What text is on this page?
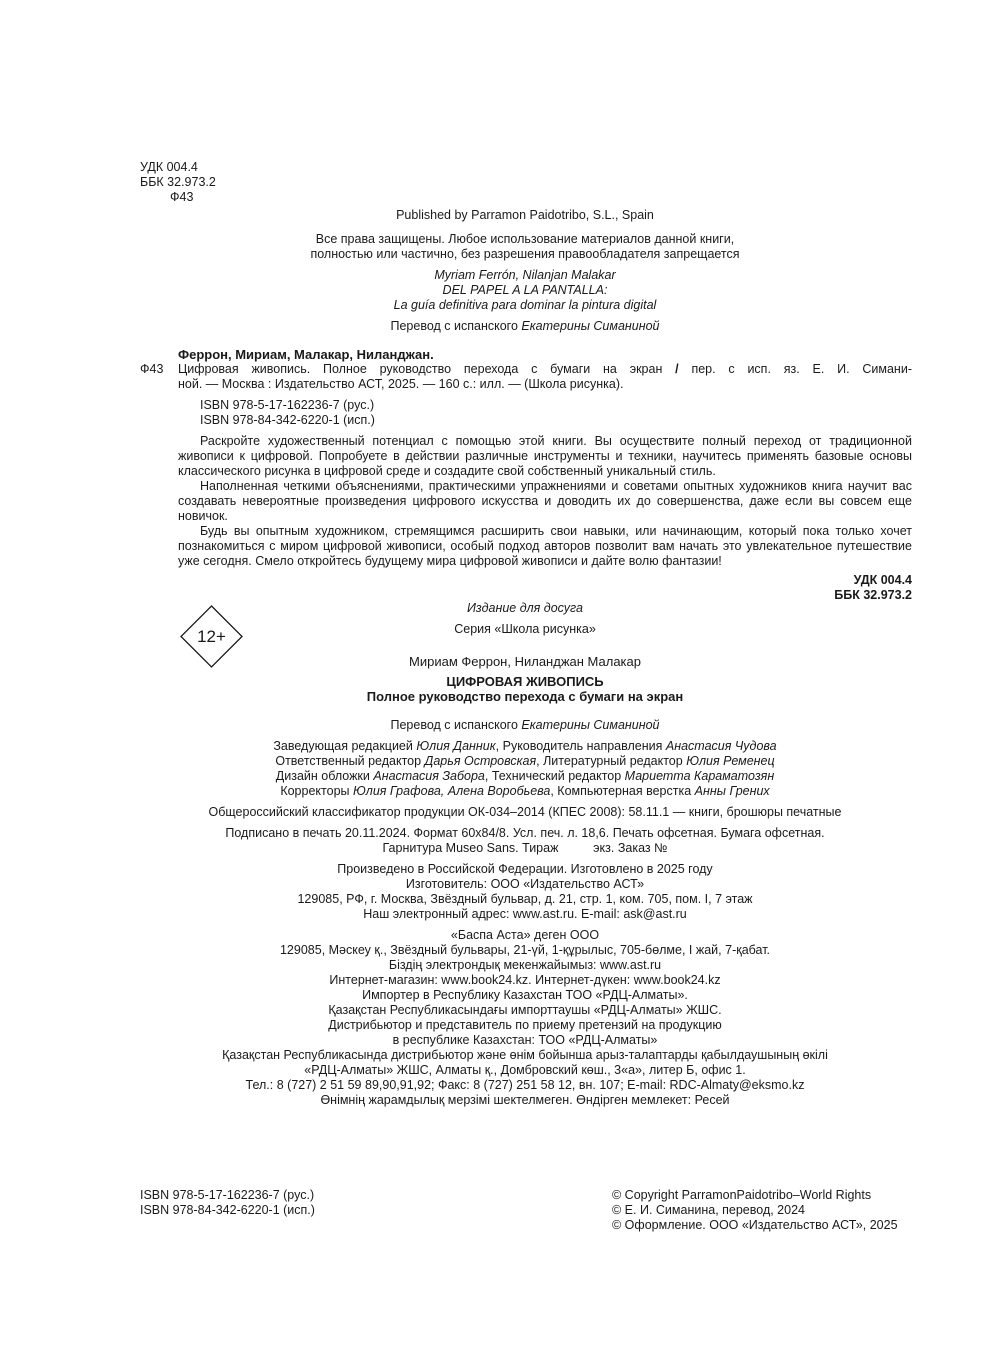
УДК 004.4
ББК 32.973.2
Ф43
Published by Parramon Paidotribo, S.L., Spain
Все права защищены. Любое использование материалов данной книги,
полностью или частично, без разрешения правообладателя запрещается
Myriam Ferrón, Nilanjan Malakar
DEL PAPEL A LA PANTALLA:
La guía definitiva para dominar la pintura digital
Перевод с испанского Екатерины Симаниной
Феррон, Мириам, Малакар, Ниланджан.
Ф43	Цифровая живопись. Полное руководство перехода с бумаги на экран / пер. с исп. яз. Е. И. Симани-
ной. — Москва : Издательство АСТ, 2025. — 160 с.: илл. — (Школа рисунка).
ISBN 978-5-17-162236-7 (рус.)
ISBN 978-84-342-6220-1 (исп.)

Раскройте художественный потенциал с помощью этой книги. Вы осуществите полный переход от традиционной живописи к цифровой. Попробуете в действии различные инструменты и техники, научитесь применять базовые основы классического рисунка в цифровой среде и создадите свой собственный уникальный стиль.

Наполненная четкими объяснениями, практическими упражнениями и советами опытных художников книга научит вас создавать невероятные произведения цифрового искусства и доводить их до совершенства, даже если вы совсем еще новичок.

Будь вы опытным художником, стремящимся расширить свои навыки, или начинающим, который пока только хочет познакомиться с миром цифровой живописи, особый подход авторов позволит вам начать это увлекательное путешествие уже сегодня. Смело откройтесь будущему мира цифровой живописи и дайте волю фантазии!

УДК 004.4
ББК 32.973.2
12+
Издание для досуга
Серия «Школа рисунка»
Мириам Феррон, Ниланджан Малакар
ЦИФРОВАЯ ЖИВОПИСЬ
Полное руководство перехода с бумаги на экран
Перевод с испанского Екатерины Симаниной
Заведующая редакцией Юлия Данник, Руководитель направления Анастасия Чудова
Ответственный редактор Дарья Островская, Литературный редактор Юлия Ременец
Дизайн обложки Анастасия Забора, Технический редактор Мариетта Караматозян
Корректоры Юлия Графова, Алена Воробьева, Компьютерная верстка Анны Грених
Общероссийский классификатор продукции ОК-034–2014 (КПЕС 2008): 58.11.1 — книги, брошюры печатные
Подписано в печать 20.11.2024. Формат 60х84/8. Усл. печ. л. 18,6. Печать офсетная. Бумага офсетная.
Гарнитура Museo Sans. Тираж          экз. Заказ №
Произведено в Российской Федерации. Изготовлено в 2025 году
Изготовитель: ООО «Издательство АСТ»
129085, РФ, г. Москва, Звёздный бульвар, д. 21, стр. 1, ком. 705, пом. I, 7 этаж
Наш электронный адрес: www.ast.ru. E-mail: ask@ast.ru
«Баспа Аста» деген ООО
129085, Мәскеу қ., Звёздный бульвары, 21-үй, 1-құрылыс, 705-бөлме, I жай, 7-қабат.
Біздің электрондық мекенжайымыз: www.ast.ru
Интернет-магазин: www.book24.kz. Интернет-дүкен: www.book24.kz
Импортер в Республику Казахстан ТОО «РДЦ-Алматы».
Қазақстан Республикасындағы импорттаушы «РДЦ-Алматы» ЖШС.
Дистрибьютор и представитель по приему претензий на продукцию
в республике Казахстан: ТОО «РДЦ-Алматы»
Қазақстан Республикасында дистрибьютор және өнім бойынша арыз-талаптарды қабылдаушының өкілі
«РДЦ-Алматы» ЖШС, Алматы қ., Домбровский көш., 3«а», литер Б, офис 1.
Тел.: 8 (727) 2 51 59 89,90,91,92; Факс: 8 (727) 251 58 12, вн. 107; E-mail: RDC-Almaty@eksmo.kz
Өнімнің жарамдылық мерзімі шектелмеген. Өндірген мемлекет: Ресей
ISBN 978-5-17-162236-7 (рус.)
ISBN 978-84-342-6220-1 (исп.)
© Copyright ParramonPaidotribo–World Rights
© Е. И. Симанина, перевод, 2024
© Оформление. ООО «Издательство АСТ», 2025
